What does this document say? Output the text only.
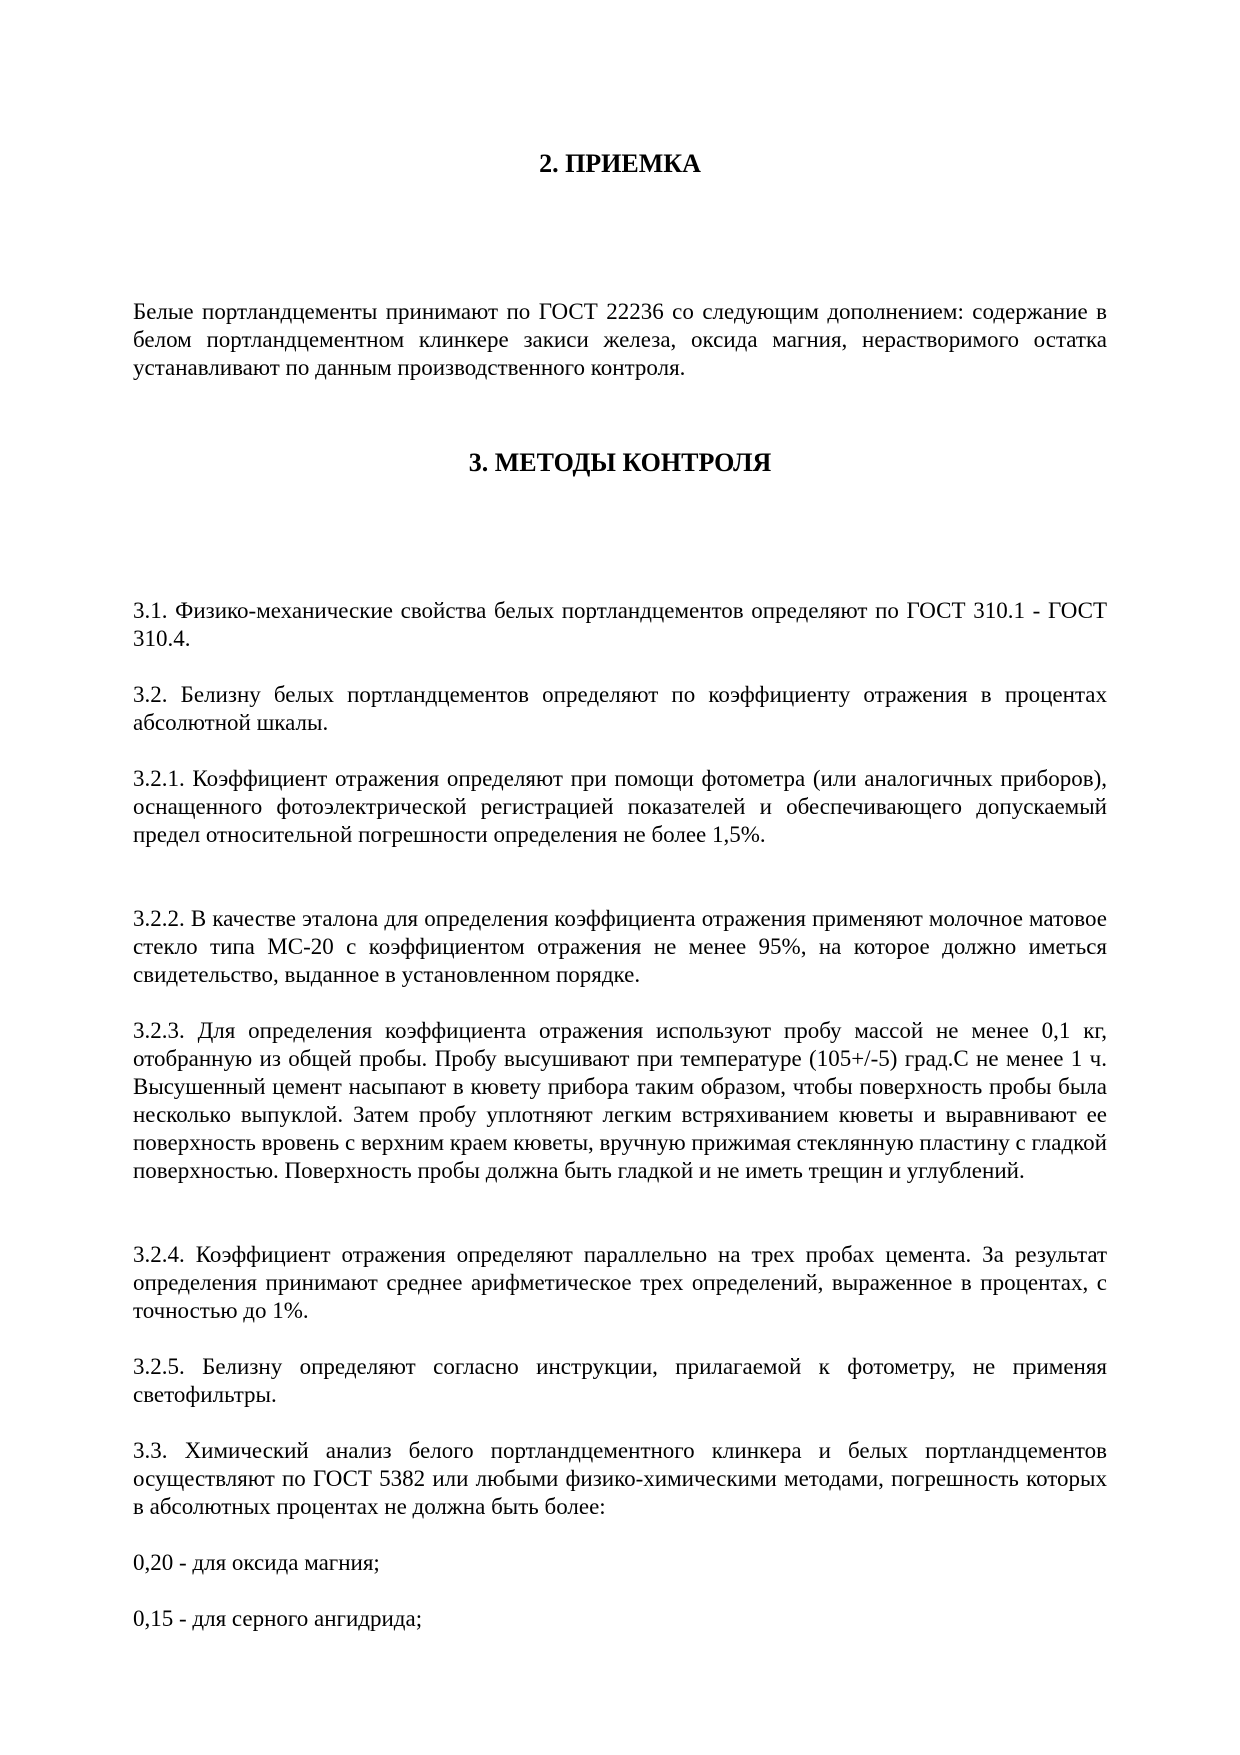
2. ПРИЕМКА

Белые портландцементы принимают по ГОСТ 22236 со следующим дополнением: содержание в белом портландцементном клинкере закиси железа, оксида магния, нерастворимого остатка устанавливают по данным производственного контроля.

3. МЕТОДЫ КОНТРОЛЯ

3.1. Физико-механические свойства белых портландцементов определяют по ГОСТ 310.1 - ГОСТ 310.4.

3.2. Белизну белых портландцементов определяют по коэффициенту отражения в процентах абсолютной шкалы.

3.2.1. Коэффициент отражения определяют при помощи фотометра (или аналогичных приборов), оснащенного фотоэлектрической регистрацией показателей и обеспечивающего допускаемый предел относительной погрешности определения не более 1,5%.

3.2.2. В качестве эталона для определения коэффициента отражения применяют молочное матовое стекло типа МС-20 с коэффициентом отражения не менее 95%, на которое должно иметься свидетельство, выданное в установленном порядке.

3.2.3. Для определения коэффициента отражения используют пробу массой не менее 0,1 кг, отобранную из общей пробы. Пробу высушивают при температуре (105+/-5) град.С не менее 1 ч. Высушенный цемент насыпают в кювету прибора таким образом, чтобы поверхность пробы была несколько выпуклой. Затем пробу уплотняют легким встряхиванием кюветы и выравнивают ее поверхность вровень с верхним краем кюветы, вручную прижимая стеклянную пластину с гладкой поверхностью. Поверхность пробы должна быть гладкой и не иметь трещин и углублений.

3.2.4. Коэффициент отражения определяют параллельно на трех пробах цемента. За результат определения принимают среднее арифметическое трех определений, выраженное в процентах, с точностью до 1%.

3.2.5. Белизну определяют согласно инструкции, прилагаемой к фотометру, не применяя светофильтры.

3.3. Химический анализ белого портландцементного клинкера и белых портландцементов осуществляют по ГОСТ 5382 или любыми физико-химическими методами, погрешность которых в абсолютных процентах не должна быть более:

0,20 - для оксида магния;

0,15 - для серного ангидрида;
